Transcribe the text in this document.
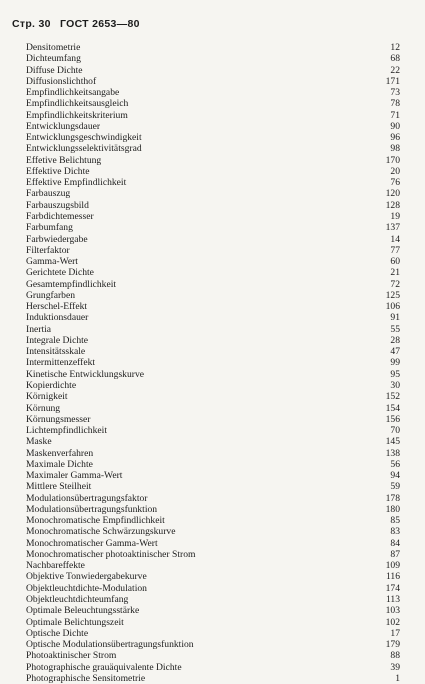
Стр. 30 ГОСТ 2653—80
Densitometrie	12
Dichteumfang	68
Diffuse Dichte	22
Diffusionslichthof	171
Empfindlichkeitsangabe	73
Empfindlichkeitsausgleich	78
Empfindlichkeitskriterium	71
Entwicklungsdauer	90
Entwicklungsgeschwindigkeit	96
Entwicklungsselektivitätsgrad	98
Effetive Belichtung	170
Effektive Dichte	20
Effektive Empfindlichkeit	76
Farbauszug	120
Farbauszugsbild	128
Farbdichtemesser	19
Farbumfang	137
Farbwiedergabe	14
Filterfaktor	77
Gamma-Wert	60
Gerichtete Dichte	21
Gesamtempfindlichkeit	72
Grungfarben	125
Herschel-Effekt	106
Induktionsdauer	91
Inertia	55
Integrale Dichte	28
Intensitätsskale	47
Intermittenzeffekt	99
Kinetische Entwicklungskurve	95
Kopierdichte	30
Körnigkeit	152
Körnung	154
Körnungsmesser	156
Lichtempfindlichkeit	70
Maske	145
Maskenverfahren	138
Maximale Dichte	56
Maximaler Gamma-Wert	94
Mittlere Steilheit	59
Modulationsübertragungsfaktor	178
Modulationsübertragungsfunktion	180
Monochromatische Empfindlichkeit	85
Monochromatische Schwärzungskurve	83
Monochromatischer Gamma-Wert	84
Monochromatischer photoaktinischer Strom	87
Nachbareffekte	109
Objektive Tonwiedergabekurve	116
Objektleuchtdichte-Modulation	174
Objektleuchtdichteumfang	113
Optimale Beleuchtungsstärke	103
Optimale Belichtungszeit	102
Optische Dichte	17
Optische Modulationsübertragungsfunktion	179
Photoaktinischer Strom	88
Photographische grauäquivalente Dichte	39
Photographische Sensitometrie	1
